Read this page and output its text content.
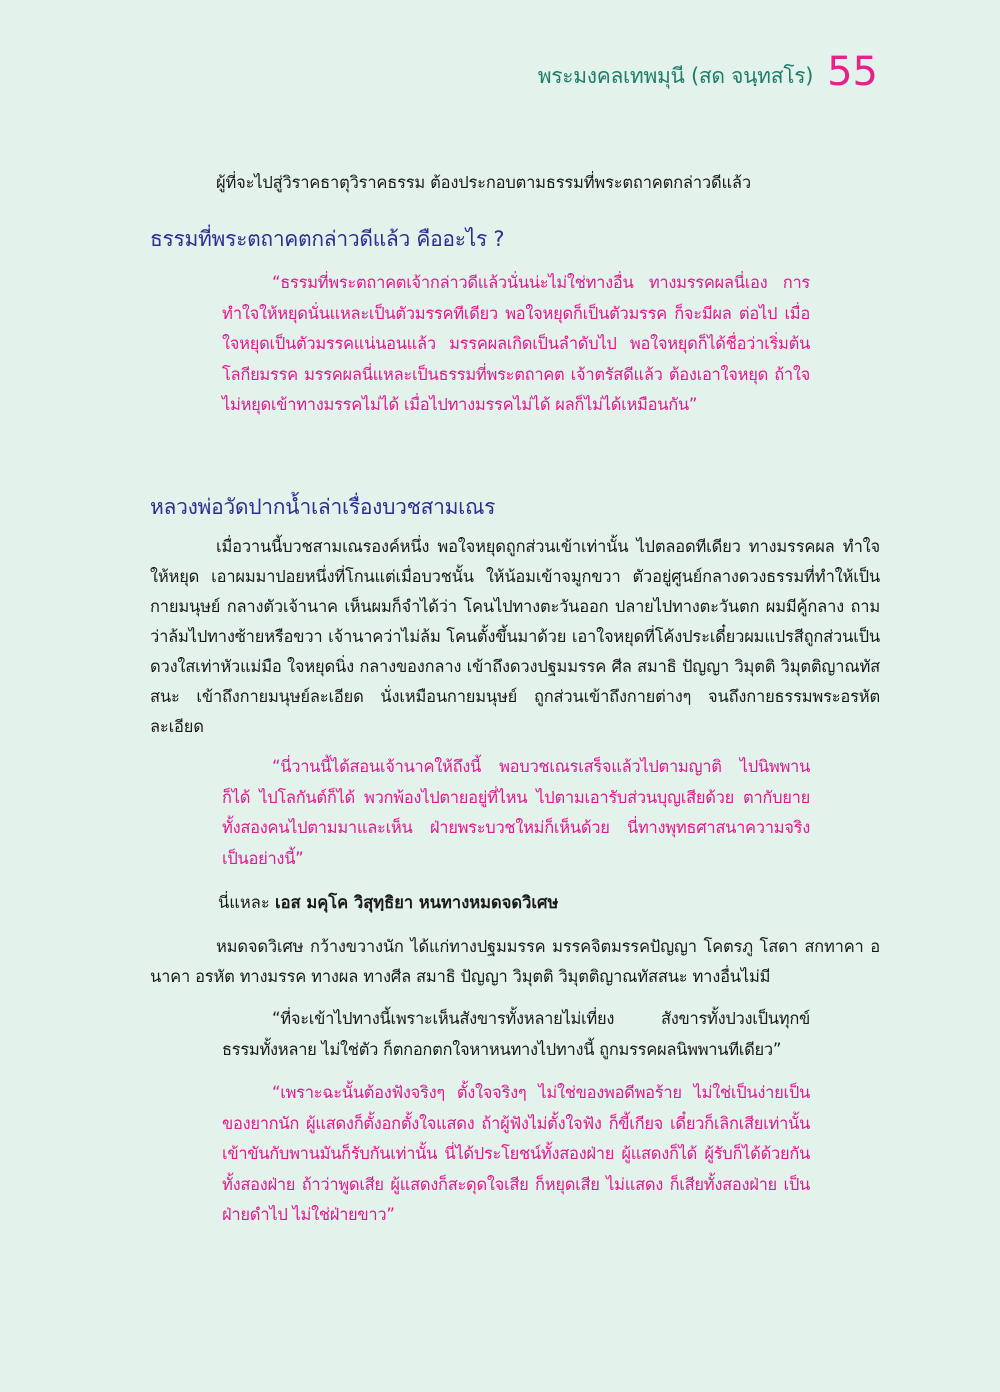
พระมงคลเทพมุนี (สด จนฺทสโร) 55

ผู้ที่จะไปสู่วิราคธาตุวิราคธรรม ต้องประกอบตามธรรมที่พระตถาคตกล่าวดีแล้ว

ธรรมที่พระตถาคตกล่าวดีแล้ว คืออะไร ?

“ธรรมที่พระตถาคตเจ้ากล่าวดีแล้วนั่นน่ะไม่ใช่ทางอื่น ทางมรรคผลนี่เอง การทำใจให้หยุดนั่นแหละเป็นตัวมรรคทีเดียว พอใจหยุดก็เป็นตัวมรรค ก็จะมีผล ต่อไป เมื่อใจหยุดเป็นตัวมรรคแน่นอนแล้ว มรรคผลเกิดเป็นลำดับไป พอใจหยุดก็ได้ชื่อว่าเริ่มต้นโลกียมรรค มรรคผลนี่แหละเป็นธรรมที่พระตถาคต เจ้าตรัสดีแล้ว ต้องเอาใจหยุด ถ้าใจไม่หยุดเข้าทางมรรคไม่ได้ เมื่อไปทางมรรคไม่ได้ ผลก็ไม่ได้เหมือนกัน”

หลวงพ่อวัดปากน้ำเล่าเรื่องบวชสามเณร

เมื่อวานนี้บวชสามเณรองค์หนึ่ง พอใจหยุดถูกส่วนเข้าเท่านั้น ไปตลอดทีเดียว ทางมรรคผล ทำใจให้หยุด เอาผมมาปอยหนึ่งที่โกนแต่เมื่อบวชนั้น ให้น้อมเข้าจมูกขวา ตัวอยู่ศูนย์กลางดวงธรรมที่ทำให้เป็นกายมนุษย์ กลางตัวเจ้านาค เห็นผมก็จำได้ว่า โคนไปทางตะวันออก ปลายไปทางตะวันตก ผมมีคู้กลาง ถามว่าล้มไปทางซ้ายหรือขวา เจ้านาคว่าไม่ล้ม โคนตั้งขึ้นมาด้วย เอาใจหยุดที่โค้งประเดี๋ยวผมแปรสีถูกส่วนเป็นดวงใสเท่าหัวแม่มือ ใจหยุดนิ่ง กลางของกลาง เข้าถึงดวงปฐมมรรค ศีล สมาธิ ปัญญา วิมุตติ วิมุตติญาณทัสสนะ เข้าถึงกายมนุษย์ละเอียด นั่งเหมือนกายมนุษย์ ถูกส่วนเข้าถึงกายต่างๆ จนถึงกายธรรมพระอรหัตละเอียด

“นี่วานนี้ได้สอนเจ้านาคให้ถึงนี้ พอบวชเณรเสร็จแล้วไปตามญาติ ไปนิพพานก็ได้ ไปโลกันต์ก็ได้ พวกพ้องไปตายอยู่ที่ไหน ไปตามเอารับส่วนบุญเสียด้วย ตากับยายทั้งสองคนไปตามมาและเห็น ฝ่ายพระบวชใหม่ก็เห็นด้วย นี่ทางพุทธศาสนาความจริงเป็นอย่างนี้”

นี่แหละ เอส มคุโค วิสุทฺธิยา หนทางหมดจดวิเศษ

หมดจดวิเศษ กว้างขวางนัก ได้แก่ทางปฐมมรรค มรรคจิตมรรคปัญญา โคตรภู โสดา สกทาคา อนาคา อรหัต ทางมรรค ทางผล ทางศีล สมาธิ ปัญญา วิมุตติ วิมุตติญาณทัสสนะ ทางอื่นไม่มี

“ที่จะเข้าไปทางนี้เพราะเห็นสังขารทั้งหลายไม่เที่ยง สังขารทั้งปวงเป็นทุกข์ ธรรมทั้งหลาย ไม่ใช่ตัว ก็ตกอกตกใจหาหนทางไปทางนี้ ถูกมรรคผลนิพพานทีเดียว”

“เพราะฉะนั้นต้องฟังจริงๆ ตั้งใจจริงๆ ไม่ใช่ของพอดีพอร้าย ไม่ใช่เป็นง่ายเป็นของยากนัก ผู้แสดงก็ตั้งอกตั้งใจแสดง ถ้าผู้ฟังไม่ตั้งใจฟัง ก็ขี้เกียจ เดี๋ยวก็เลิกเสียเท่านั้น เข้าขันกับพานมันก็รับกันเท่านั้น นี่ได้ประโยชน์ทั้งสองฝ่าย ผู้แสดงก็ได้ ผู้รับก็ได้ด้วยกันทั้งสองฝ่าย ถ้าว่าพูดเสีย ผู้แสดงก็สะดุดใจเสีย ก็หยุดเสีย ไม่แสดง ก็เสียทั้งสองฝ่าย เป็นฝ่ายดำไป ไม่ใช่ฝ่ายขาว”
